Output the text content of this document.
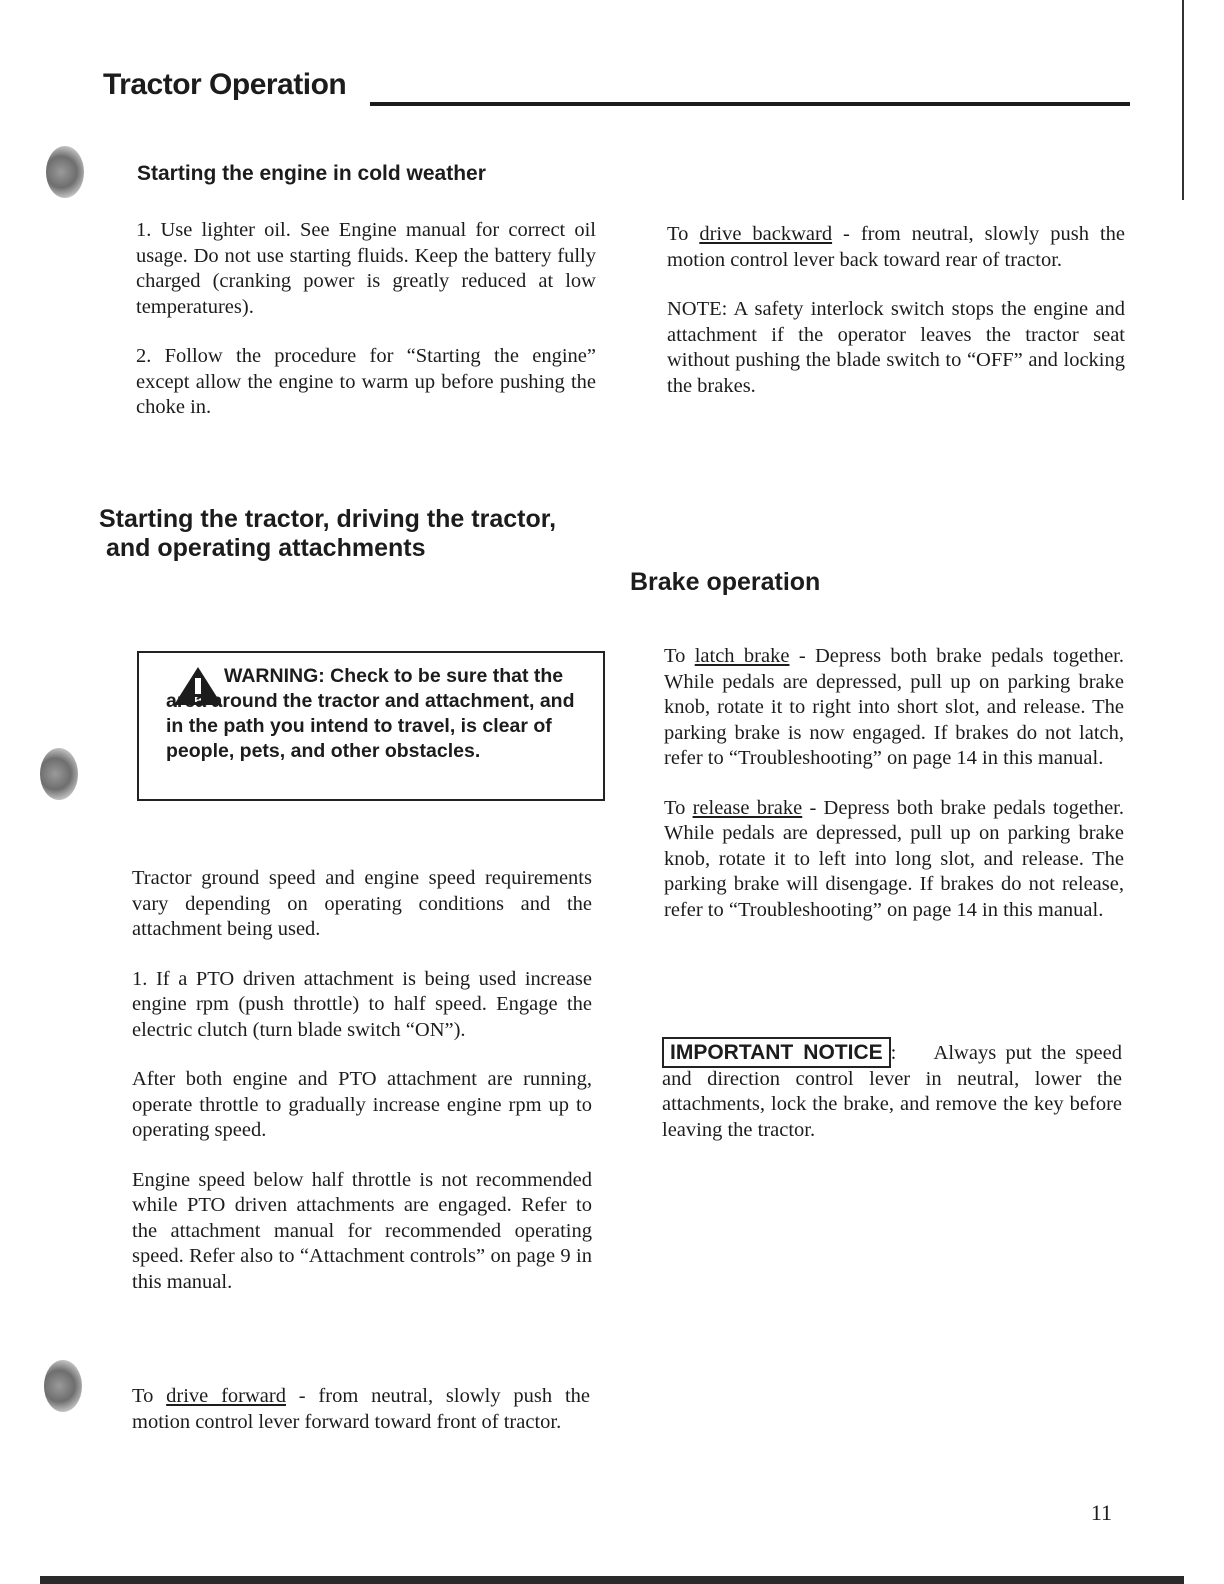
Tractor Operation
Starting the engine in cold weather

1. Use lighter oil. See Engine manual for correct oil usage. Do not use starting fluids. Keep the battery fully charged (cranking power is greatly reduced at low temperatures).

2. Follow the procedure for “Starting the engine” except allow the engine to warm up before pushing the choke in.

Starting the tractor, driving the tractor,
and operating attachments
WARNING: Check to be sure that the area around the tractor and attachment, and in the path you intend to travel, is clear of people, pets, and other obstacles.

Tractor ground speed and engine speed requirements vary depending on operating conditions and the attachment being used.

1. If a PTO driven attachment is being used increase engine rpm (push throttle) to half speed. Engage the electric clutch (turn blade switch “ON”).

After both engine and PTO attachment are running, operate throttle to gradually increase engine rpm up to operating speed.

Engine speed below half throttle is not recommended while PTO driven attachments are engaged. Refer to the attachment manual for recommended operating speed. Refer also to “Attachment controls” on page 9 in this manual.

To drive forward - from neutral, slowly push the motion control lever forward toward front of tractor.

To drive backward - from neutral, slowly push the motion control lever back toward rear of tractor.

NOTE: A safety interlock switch stops the engine and attachment if the operator leaves the tractor seat without pushing the blade switch to “OFF” and locking the brakes.

Brake operation

To latch brake - Depress both brake pedals together. While pedals are depressed, pull up on parking brake knob, rotate it to right into short slot, and release. The parking brake is now engaged. If brakes do not latch, refer to “Troubleshooting” on page 14 in this manual.

To release brake - Depress both brake pedals together. While pedals are depressed, pull up on parking brake knob, rotate it to left into long slot, and release. The parking brake will disengage. If brakes do not release, refer to “Troubleshooting” on page 14 in this manual.

IMPORTANT NOTICE : Always put the speed and direction control lever in neutral, lower the attachments, lock the brake, and remove the key before leaving the tractor.
11
